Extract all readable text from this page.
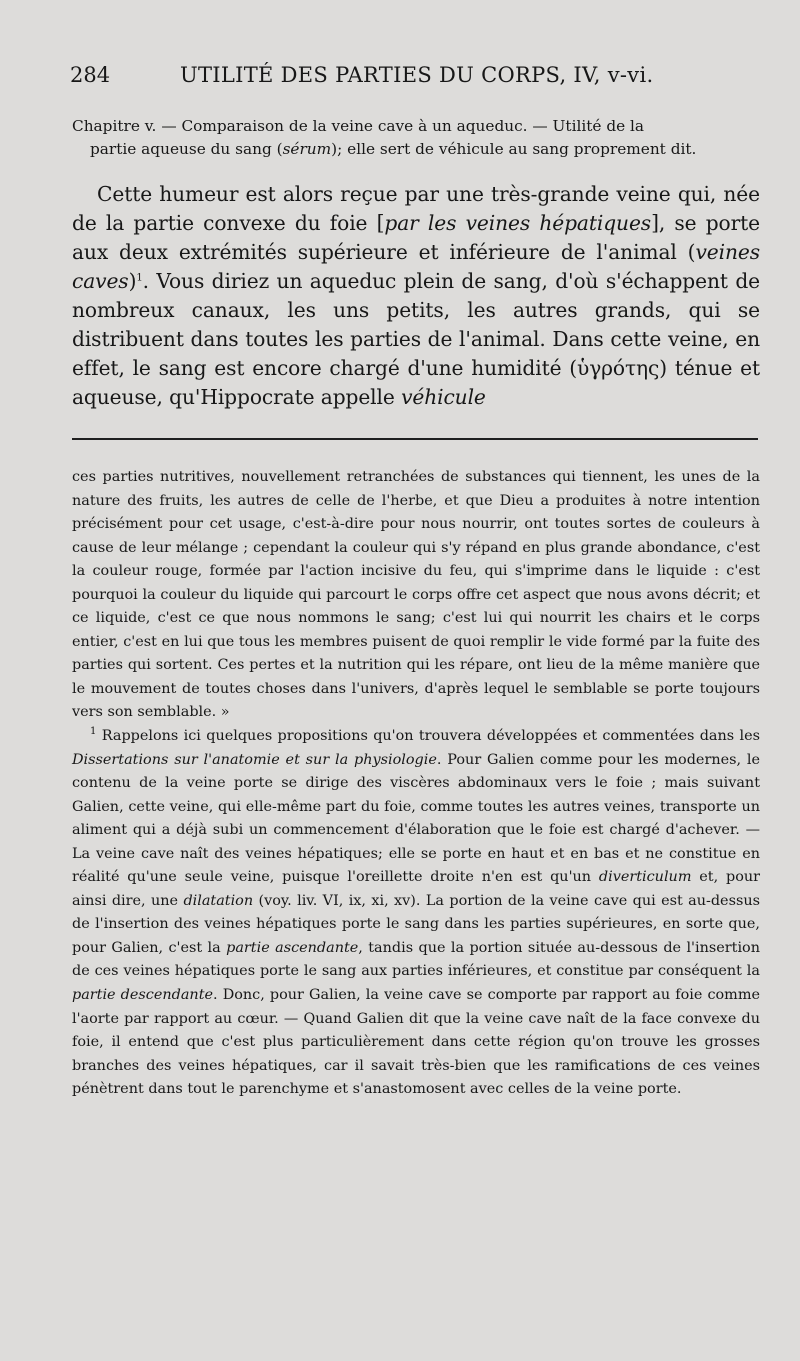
284	UTILITÉ DES PARTIES DU CORPS, IV, v-vi.
Chapitre v. — Comparaison de la veine cave à un aqueduc. — Utilité de la
partie aqueuse du sang (sérum); elle sert de véhicule au sang proprement dit.

Cette humeur est alors reçue par une très-grande veine qui, née de la partie convexe du foie [par les veines hépatiques], se porte aux deux extrémités supérieure et inférieure de l'animal (veines caves)$^1$. Vous diriez un aqueduc plein de sang, d'où s'échappent de nombreux canaux, les uns petits, les autres grands, qui se distribuent dans toutes les parties de l'animal. Dans cette veine, en effet, le sang est encore chargé d'une humidité (ὑγρότης) ténue et aqueuse, qu'Hippocrate appelle véhicule

ces parties nutritives, nouvellement retranchées de substances qui tiennent, les unes de la nature des fruits, les autres de celle de l'herbe, et que Dieu a produites à notre intention précisément pour cet usage, c'est-à-dire pour nous nourrir, ont toutes sortes de couleurs à cause de leur mélange ; cependant la couleur qui s'y répand en plus grande abondance, c'est la couleur rouge, formée par l'action incisive du feu, qui s'imprime dans le liquide : c'est pourquoi la couleur du liquide qui parcourt le corps offre cet aspect que nous avons décrit; et ce liquide, c'est ce que nous nommons le sang; c'est lui qui nourrit les chairs et le corps entier, c'est en lui que tous les membres puisent de quoi remplir le vide formé par la fuite des parties qui sortent. Ces pertes et la nutrition qui les répare, ont lieu de la même manière que le mouvement de toutes choses dans l'univers, d'après lequel le semblable se porte toujours vers son semblable. »

$^1$ Rappelons ici quelques propositions qu'on trouvera développées et commentées dans les Dissertations sur l'anatomie et sur la physiologie. Pour Galien comme pour les modernes, le contenu de la veine porte se dirige des viscères abdominaux vers le foie ; mais suivant Galien, cette veine, qui elle-même part du foie, comme toutes les autres veines, transporte un aliment qui a déjà subi un commencement d'élaboration que le foie est chargé d'achever. — La veine cave naît des veines hépatiques; elle se porte en haut et en bas et ne constitue en réalité qu'une seule veine, puisque l'oreillette droite n'en est qu'un diverticulum et, pour ainsi dire, une dilatation (voy. liv. VI, ix, xi, xv). La portion de la veine cave qui est au-dessus de l'insertion des veines hépatiques porte le sang dans les parties supérieures, en sorte que, pour Galien, c'est la partie ascendante, tandis que la portion située au-dessous de l'insertion de ces veines hépatiques porte le sang aux parties inférieures, et constitue par conséquent la partie descendante. Donc, pour Galien, la veine cave se comporte par rapport au foie comme l'aorte par rapport au cœur. — Quand Galien dit que la veine cave naît de la face convexe du foie, il entend que c'est plus particulièrement dans cette région qu'on trouve les grosses branches des veines hépatiques, car il savait très-bien que les ramifications de ces veines pénètrent dans tout le parenchyme et s'anastomosent avec celles de la veine porte.
